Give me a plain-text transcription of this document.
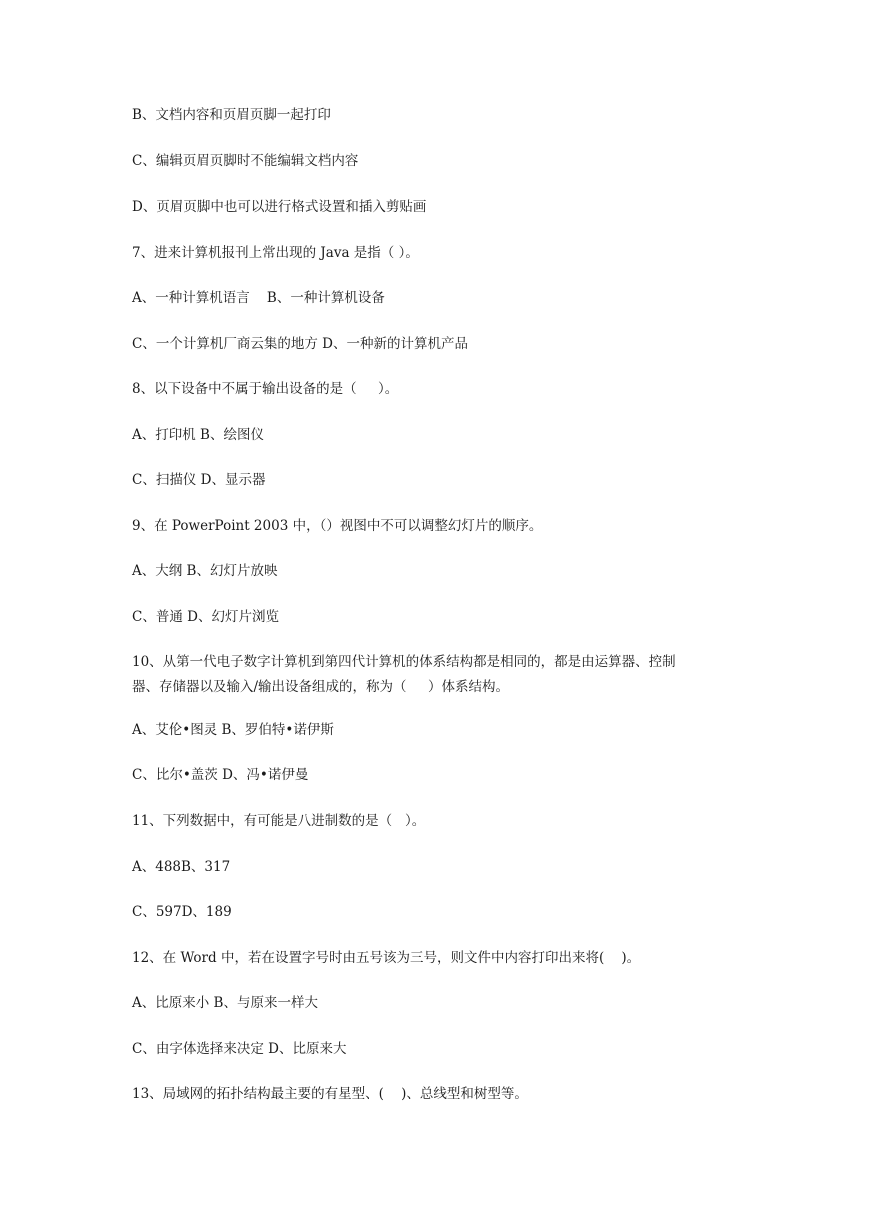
B、文档内容和页眉页脚一起打印

C、编辑页眉页脚时不能编辑文档内容

D、页眉页脚中也可以进行格式设置和插入剪贴画

7、进来计算机报刊上常出现的 Java 是指（ ）。

A、一种计算机语言    B、一种计算机设备

C、一个计算机厂商云集的地方 D、一种新的计算机产品

8、以下设备中不属于输出设备的是（     ）。

A、打印机 B、绘图仪

C、扫描仪 D、显示器

9、在 PowerPoint 2003 中，（）视图中不可以调整幻灯片的顺序。

A、大纲 B、幻灯片放映

C、普通 D、幻灯片浏览

10、从第一代电子数字计算机到第四代计算机的体系结构都是相同的，都是由运算器、控制

器、存储器以及输入/输出设备组成的，称为（     ）体系结构。

A、艾伦•图灵 B、罗伯特•诺伊斯

C、比尔•盖茨 D、冯•诺伊曼

11、下列数据中，有可能是八进制数的是（   ）。

A、488B、317

C、597D、189

12、在 Word 中，若在设置字号时由五号该为三号，则文件中内容打印出来将(    )。

A、比原来小 B、与原来一样大

C、由字体选择来决定 D、比原来大

13、局域网的拓扑结构最主要的有星型、(    )、总线型和树型等。
